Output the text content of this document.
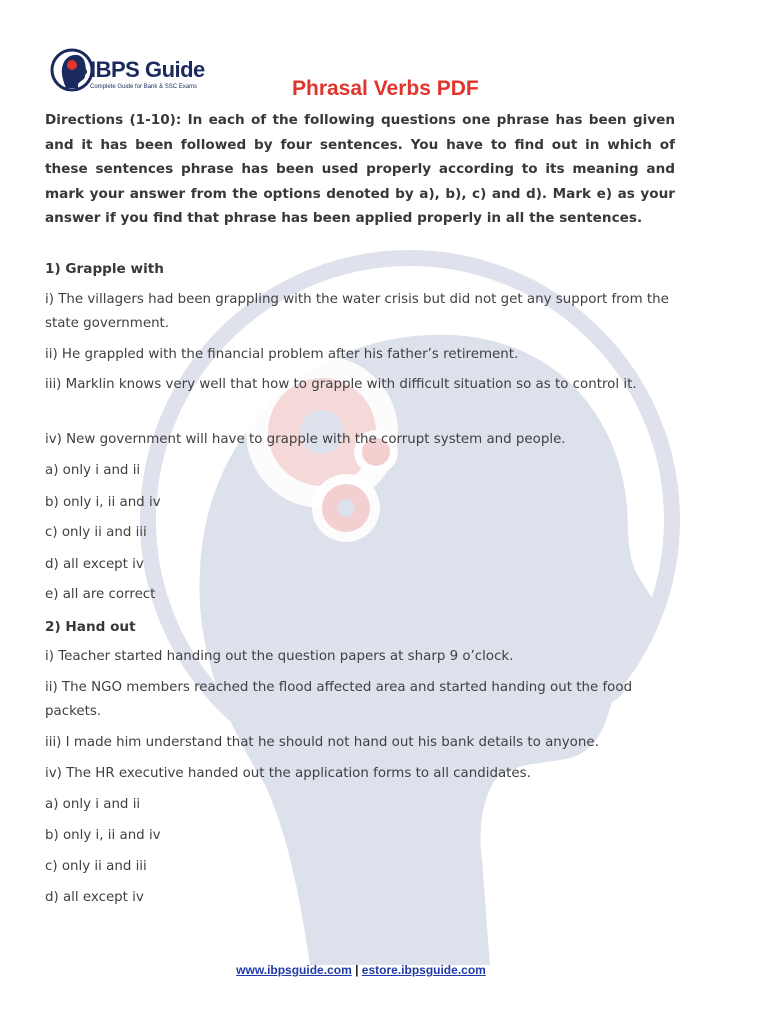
IBPS Guide
Complete Guide for Bank & SSC Exams	Phrasal Verbs PDF

Directions (1-10): In each of the following questions one phrase has been given and it has been followed by four sentences. You have to find out in which of these sentences phrase has been used properly according to its meaning and mark your answer from the options denoted by a), b), c) and d). Mark e) as your answer if you find that phrase has been applied properly in all the sentences.

1) Grapple with

i) The villagers had been grappling with the water crisis but did not get any support from the state government.

ii) He grappled with the financial problem after his father’s retirement.

iii) Marklin knows very well that how to grapple with difficult situation so as to control it.

iv) New government will have to grapple with the corrupt system and people.

a) only i and ii

b) only i, ii and iv

c) only ii and iii

d) all except iv

e) all are correct

2) Hand out

i) Teacher started handing out the question papers at sharp 9 o’clock.

ii) The NGO members reached the flood affected area and started handing out the food packets.

iii) I made him understand that he should not hand out his bank details to anyone.

iv) The HR executive handed out the application forms to all candidates.

a) only i and ii

b) only i, ii and iv

c) only ii and iii

d) all except iv

www.ibpsguide.com | estore.ibpsguide.com
